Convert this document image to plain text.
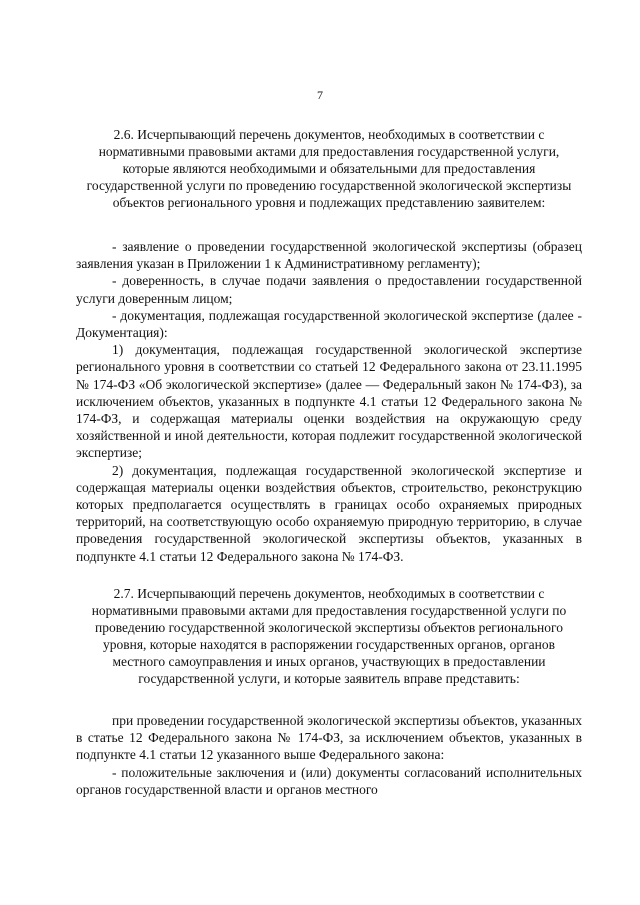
7
2.6. Исчерпывающий перечень документов, необходимых в соответствии с нормативными правовыми актами для предоставления государственной услуги, которые являются необходимыми и обязательными для предоставления государственной услуги по проведению государственной экологической экспертизы объектов регионального уровня и подлежащих представлению заявителем:

- заявление о проведении государственной экологической экспертизы (образец заявления указан в Приложении 1 к Административному регламенту);

- доверенность, в случае подачи заявления о предоставлении государственной услуги доверенным лицом;

- документация, подлежащая государственной экологической экспертизе (далее - Документация):

1) документация, подлежащая государственной экологической экспертизе регионального уровня в соответствии со статьей 12 Федерального закона от 23.11.1995 № 174-ФЗ «Об экологической экспертизе» (далее — Федеральный закон № 174-ФЗ), за исключением объектов, указанных в подпункте 4.1 статьи 12 Федерального закона № 174-ФЗ, и содержащая материалы оценки воздействия на окружающую среду хозяйственной и иной деятельности, которая подлежит государственной экологической экспертизе;

2) документация, подлежащая государственной экологической экспертизе и содержащая материалы оценки воздействия объектов, строительство, реконструкцию которых предполагается осуществлять в границах особо охраняемых природных территорий, на соответствующую особо охраняемую природную территорию, в случае проведения государственной экологической экспертизы объектов, указанных в подпункте 4.1 статьи 12 Федерального закона № 174-ФЗ.

2.7. Исчерпывающий перечень документов, необходимых в соответствии с нормативными правовыми актами для предоставления государственной услуги по проведению государственной экологической экспертизы объектов регионального уровня, которые находятся в распоряжении государственных органов, органов местного самоуправления и иных органов, участвующих в предоставлении государственной услуги, и которые заявитель вправе представить:

при проведении государственной экологической экспертизы объектов, указанных в статье 12 Федерального закона № 174-ФЗ, за исключением объектов, указанных в подпункте 4.1 статьи 12 указанного выше Федерального закона:

- положительные заключения и (или) документы согласований исполнительных органов государственной власти и органов местного
